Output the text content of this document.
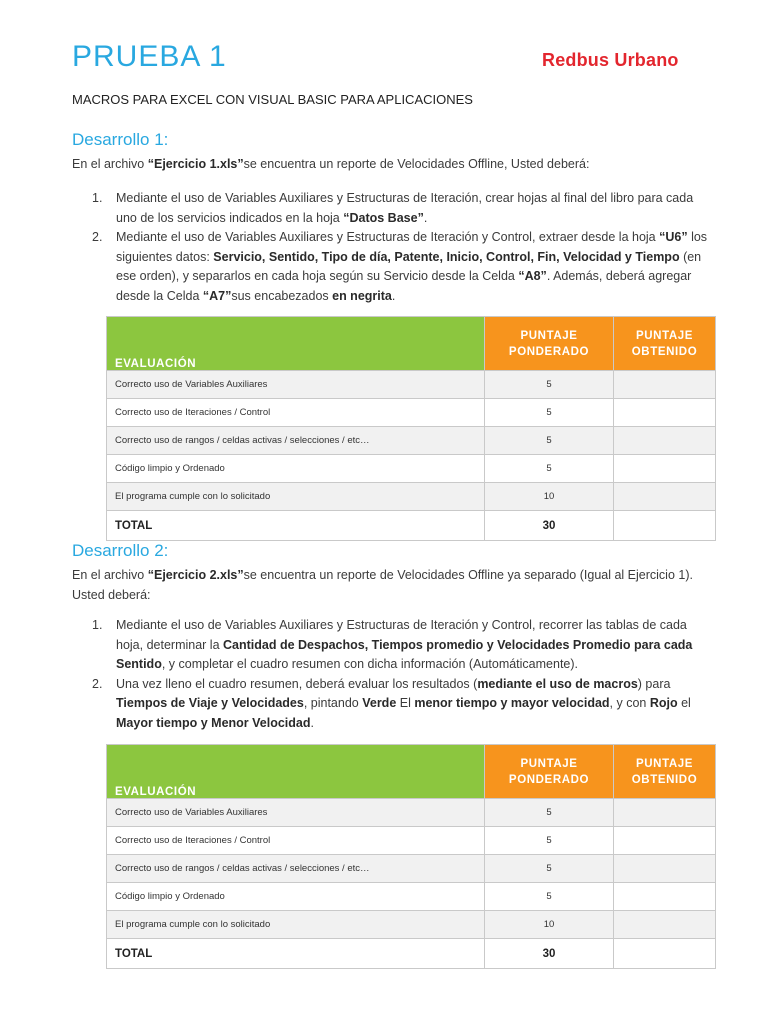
PRUEBA 1	Redbus Urbano
MACROS PARA EXCEL CON VISUAL BASIC PARA APLICACIONES
Desarrollo 1:
En el archivo “Ejercicio 1.xls”se encuentra un reporte de Velocidades Offline, Usted deberá:
1. Mediante el uso de Variables Auxiliares y Estructuras de Iteración, crear hojas al final del libro para cada uno de los servicios indicados en la hoja “Datos Base”.
2. Mediante el uso de Variables Auxiliares y Estructuras de Iteración y Control, extraer desde la hoja “U6” los siguientes datos: Servicio, Sentido, Tipo de día, Patente, Inicio, Control, Fin, Velocidad y Tiempo (en ese orden), y separarlos en cada hoja según su Servicio desde la Celda “A8”. Además, deberá agregar desde la Celda “A7”sus encabezados en negrita.
EVALUACIÓN	PUNTAJE PONDERADO	PUNTAJE OBTENIDO
Correcto uso de Variables Auxiliares	5	
Correcto uso de Iteraciones / Control	5	
Correcto uso de rangos / celdas activas / selecciones / etc…	5	
Código limpio y Ordenado	5	
El programa cumple con lo solicitado	10	
TOTAL	30	
Desarrollo 2:
En el archivo “Ejercicio 2.xls”se encuentra un reporte de Velocidades Offline ya separado (Igual al Ejercicio 1). Usted deberá:
1. Mediante el uso de Variables Auxiliares y Estructuras de Iteración y Control, recorrer las tablas de cada hoja, determinar la Cantidad de Despachos, Tiempos promedio y Velocidades Promedio para cada Sentido, y completar el cuadro resumen con dicha información (Automáticamente).
2. Una vez lleno el cuadro resumen, deberá evaluar los resultados (mediante el uso de macros) para Tiempos de Viaje y Velocidades, pintando Verde El menor tiempo y mayor velocidad, y con Rojo el Mayor tiempo y Menor Velocidad.
EVALUACIÓN	PUNTAJE PONDERADO	PUNTAJE OBTENIDO
Correcto uso de Variables Auxiliares	5	
Correcto uso de Iteraciones / Control	5	
Correcto uso de rangos / celdas activas / selecciones / etc…	5	
Código limpio y Ordenado	5	
El programa cumple con lo solicitado	10	
TOTAL	30	
